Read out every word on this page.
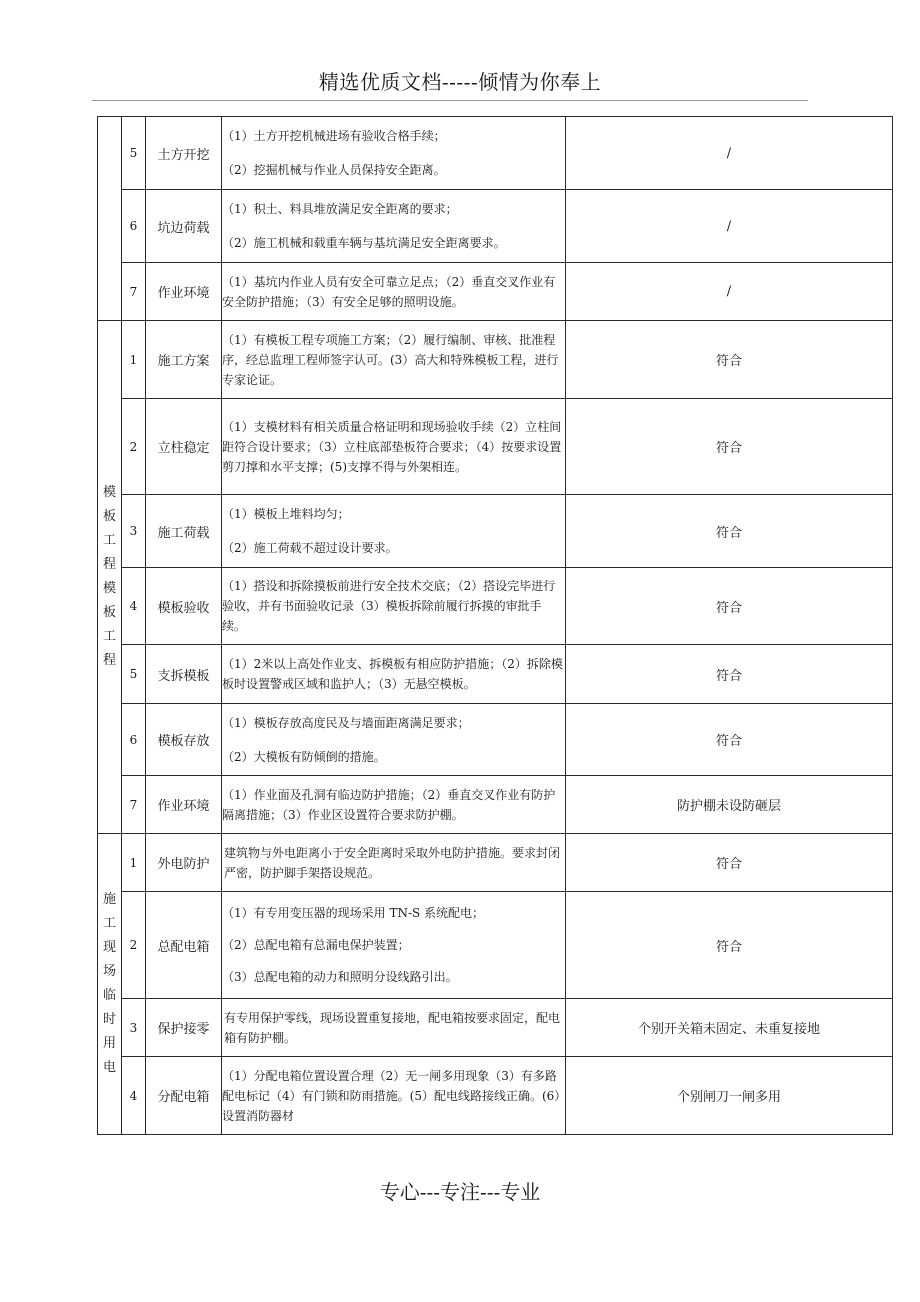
精选优质文档-----倾情为你奉上
	5	土方开挖	（1）土方开挖机械进场有验收合格手续；
（2）挖掘机械与作业人员保持安全距离。	/
	6	坑边荷载	（1）积土、料具堆放满足安全距离的要求；
（2）施工机械和载重车辆与基坑满足安全距离要求。	/
	7	作业环境	（1）基坑内作业人员有安全可靠立足点；（2）垂直交叉作业有安全防护措施；（3）有安全足够的照明设施。	/
模板工程 模板工程	1	施工方案	（1）有模板工程专项施工方案；（2）履行编制、审核、批准程序，经总监理工程师签字认可。(3）高大和特殊模板工程，进行专家论证。	符合
	2	立柱稳定	（1）支模材料有相关质量合格证明和现场验收手续（2）立柱间距符合设计要求；（3）立柱底部垫板符合要求；（4）按要求设置剪刀撑和水平支撑；(5)支撑不得与外架相连。	符合
	3	施工荷载	（1）模板上堆料均匀；
（2）施工荷载不超过设计要求。	符合
	4	模板验收	（1）搭设和拆除摸板前进行安全技术交底；（2）搭设完毕进行验收，并有书面验收记录（3）模板拆除前履行拆摸的审批手续。	符合
	5	支拆模板	（1）2米以上高处作业支、拆模板有相应防护措施；（2）拆除模板时设置警戒区域和监护人；（3）无悬空模板。	符合
	6	模板存放	（1）模板存放高度民及与墙面距离满足要求；
（2）大模板有防倾倒的措施。	符合
	7	作业环境	（1）作业面及孔洞有临边防护措施；（2）垂直交叉作业有防护隔离措施；（3）作业区设置符合要求防护棚。	防护棚未设防砸层
施工现场临时用电	1	外电防护	建筑物与外电距离小于安全距离时采取外电防护措施。要求封闭严密，防护脚手架搭设规范。	符合
	2	总配电箱	（1）有专用变压器的现场采用 TN-S 系统配电；
（2）总配电箱有总漏电保护装置；
（3）总配电箱的动力和照明分设线路引出。	符合
	3	保护接零	有专用保护零线，现场设置重复接地，配电箱按要求固定，配电箱有防护棚。	个别开关箱未固定、未重复接地
	4	分配电箱	（1）分配电箱位置设置合理（2）无一闸多用现象（3）有多路配电标记（4）有门锁和防雨措施。(5）配电线路接线正确。(6）设置消防器材	个别闸刀一闸多用
专心---专注---专业
